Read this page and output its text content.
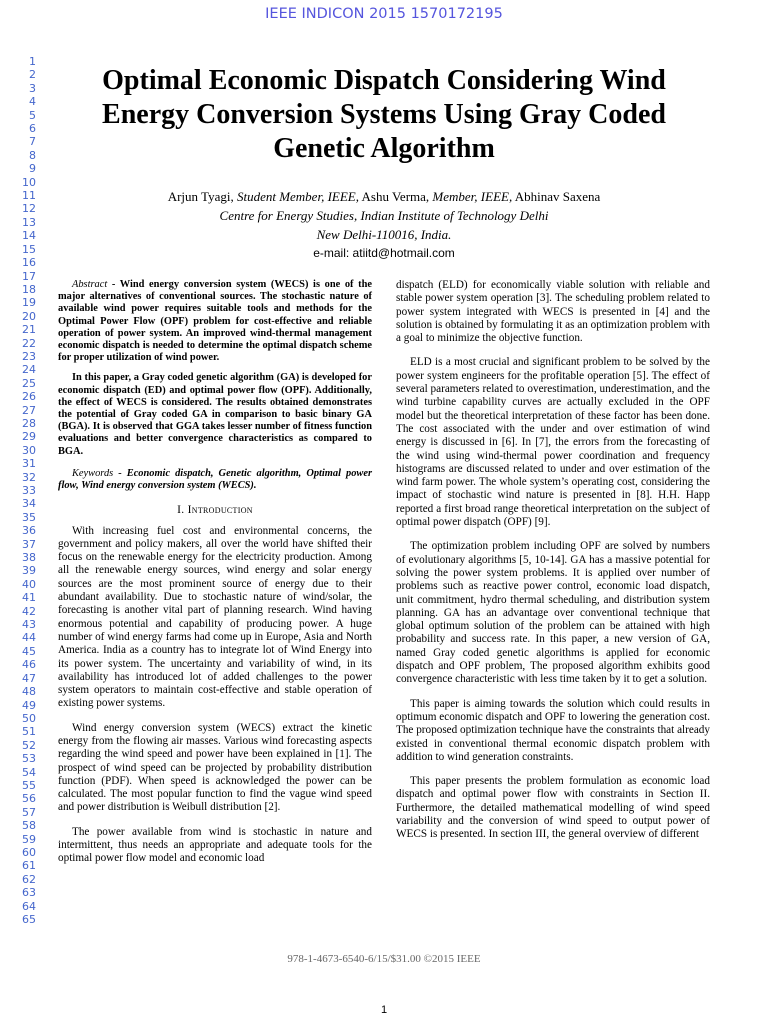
IEEE INDICON 2015 1570172195
1
2
3
4
5
6
7
8
9
10
11
12
13
14
15
16
17
18
19
20
21
22
23
24
25
26
27
28
29
30
31
32
33
34
35
36
37
38
39
40
41
42
43
44
45
46
47
48
49
50
51
52
53
54
55
56
57
58
59
60
61
62
63
64
65
Optimal Economic Dispatch Considering Wind Energy Conversion Systems Using Gray Coded Genetic Algorithm
Arjun Tyagi, Student Member, IEEE, Ashu Verma, Member, IEEE, Abhinav Saxena
Centre for Energy Studies, Indian Institute of Technology Delhi
New Delhi-110016, India.
e-mail: atiitd@hotmail.com

Abstract - Wind energy conversion system (WECS) is one of the major alternatives of conventional sources. The stochastic nature of available wind power requires suitable tools and methods for the Optimal Power Flow (OPF) problem for cost-effective and reliable operation of power system. An improved wind-thermal management economic dispatch is needed to determine the optimal dispatch scheme for proper utilization of wind power.

In this paper, a Gray coded genetic algorithm (GA) is developed for economic dispatch (ED) and optimal power flow (OPF). Additionally, the effect of WECS is considered. The results obtained demonstrates the potential of Gray coded GA in comparison to basic binary GA (BGA). It is observed that GGA takes lesser number of fitness function evaluations and better convergence characteristics as compared to BGA.

Keywords - Economic dispatch, Genetic algorithm, Optimal power flow, Wind energy conversion system (WECS).

I. Introduction

With increasing fuel cost and environmental concerns, the government and policy makers, all over the world have shifted their focus on the renewable energy for the electricity production. Among all the renewable energy sources, wind energy and solar energy sources are the most prominent source of energy due to their abundant availability. Due to stochastic nature of wind/solar, the forecasting is another vital part of planning research. Wind having enormous potential and capability of producing power. A huge number of wind energy farms had come up in Europe, Asia and North America. India as a country has to integrate lot of Wind Energy into its power system. The uncertainty and variability of wind, in its availability has introduced lot of added challenges to the power system operators to maintain cost-effective and stable operation of existing power systems.

Wind energy conversion system (WECS) extract the kinetic energy from the flowing air masses. Various wind forecasting aspects regarding the wind speed and power have been explained in [1]. The prospect of wind speed can be projected by probability distribution function (PDF). When speed is acknowledged the power can be calculated. The most popular function to find the vague wind speed and power distribution is Weibull distribution [2].

The power available from wind is stochastic in nature and intermittent, thus needs an appropriate and adequate tools for the optimal power flow model and economic load

dispatch (ELD) for economically viable solution with reliable and stable power system operation [3]. The scheduling problem related to power system integrated with WECS is presented in [4] and the solution is obtained by formulating it as an optimization problem with a goal to minimize the objective function.

ELD is a most crucial and significant problem to be solved by the power system engineers for the profitable operation [5]. The effect of several parameters related to overestimation, underestimation, and the wind turbine capability curves are actually excluded in the OPF model but the theoretical interpretation of these factor has been done. The cost associated with the under and over estimation of wind energy is discussed in [6]. In [7], the errors from the forecasting of the wind using wind-thermal power coordination and frequency histograms are discussed related to under and over estimation of the wind farm power. The whole system’s operating cost, considering the impact of stochastic wind nature is presented in [8]. H.H. Happ reported a first broad range theoretical interpretation on the subject of optimal power dispatch (OPF) [9].

The optimization problem including OPF are solved by numbers of evolutionary algorithms [5, 10-14]. GA has a massive potential for solving the power system problems. It is applied over number of problems such as reactive power control, economic load dispatch, unit commitment, hydro thermal scheduling, and distribution system planning. GA has an advantage over conventional technique that global optimum solution of the problem can be attained with high probability and success rate. In this paper, a new version of GA, named Gray coded genetic algorithms is applied for economic dispatch and OPF problem, The proposed algorithm exhibits good convergence characteristic with less time taken by it to get a solution.

This paper is aiming towards the solution which could results in optimum economic dispatch and OPF to lowering the generation cost. The proposed optimization technique have the constraints that already existed in conventional thermal economic dispatch problem with addition to wind generation constraints.

This paper presents the problem formulation as economic load dispatch and optimal power flow with constraints in Section II. Furthermore, the detailed mathematical modelling of wind speed variability and the conversion of wind speed to output power of WECS is presented. In section III, the general overview of different

978-1-4673-6540-6/15/$31.00 ©2015 IEEE
1
